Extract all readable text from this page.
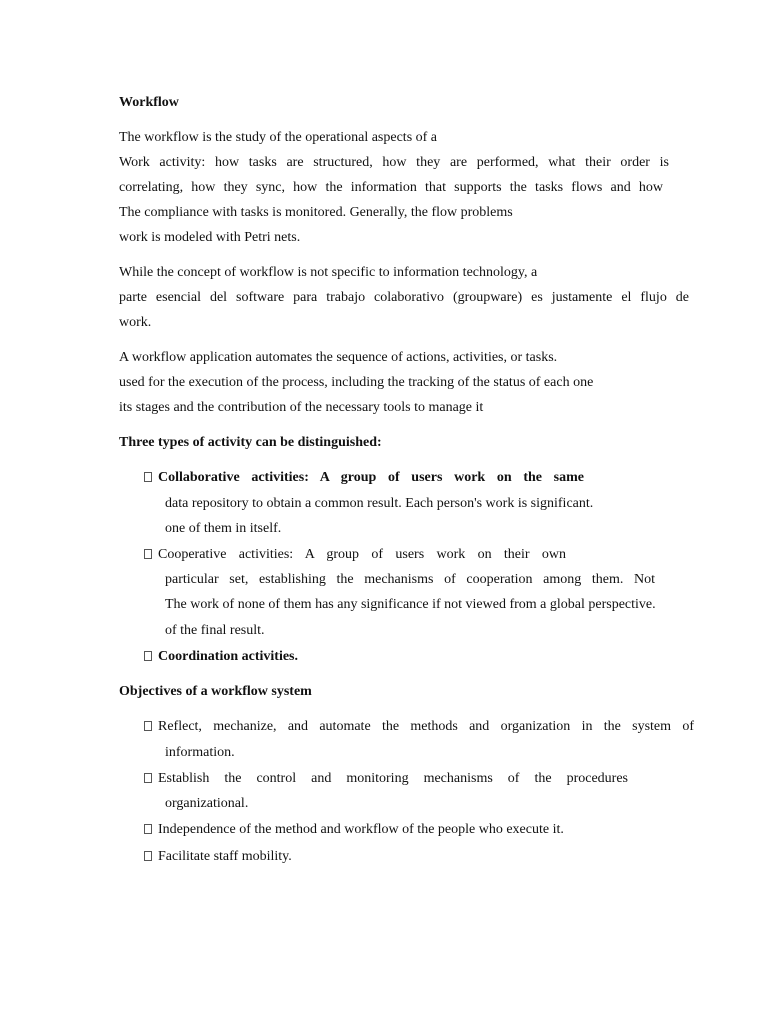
Workflow
The workflow is the study of the operational aspects of a
Work activity: how tasks are structured, how they are performed, what their order is
correlating, how they sync, how the information that supports the tasks flows and how
The compliance with tasks is monitored. Generally, the flow problems
work is modeled with Petri nets.
While the concept of workflow is not specific to information technology, a
parte esencial del software para trabajo colaborativo (groupware) es justamente el flujo de
work.
A workflow application automates the sequence of actions, activities, or tasks.
used for the execution of the process, including the tracking of the status of each one
its stages and the contribution of the necessary tools to manage it
Three types of activity can be distinguished:
Collaborative activities: A group of users work on the same
data repository to obtain a common result. Each person's work is significant.
one of them in itself.
Cooperative activities: A group of users work on their own
particular set, establishing the mechanisms of cooperation among them. Not
The work of none of them has any significance if not viewed from a global perspective.
of the final result.
Coordination activities.
Objectives of a workflow system
Reflect, mechanize, and automate the methods and organization in the system of
information.
Establish the control and monitoring mechanisms of the procedures
organizational.
Independence of the method and workflow of the people who execute it.
Facilitate staff mobility.
